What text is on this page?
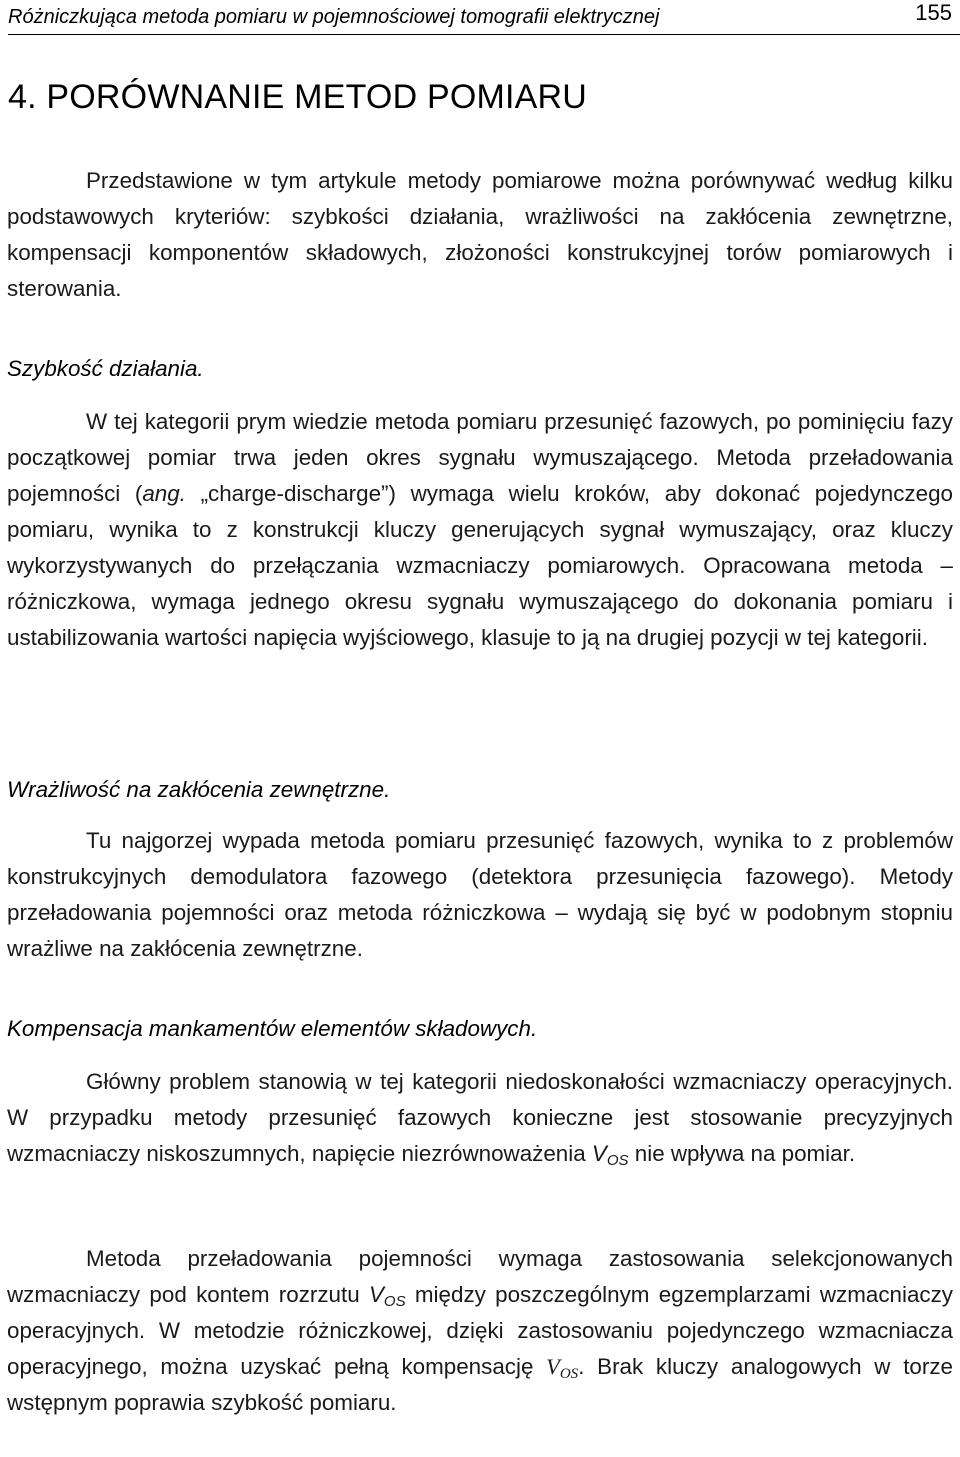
Różniczkująca metoda pomiaru w pojemnościowej tomografii elektrycznej	155
4. PORÓWNANIE METOD POMIARU

Przedstawione w tym artykule metody pomiarowe można porównywać według kilku podstawowych kryteriów: szybkości działania, wrażliwości na zakłócenia zewnętrzne, kompensacji komponentów składowych, złożoności konstrukcyjnej torów pomiarowych i sterowania.

Szybkość działania.

W tej kategorii prym wiedzie metoda pomiaru przesunięć fazowych, po pominięciu fazy początkowej pomiar trwa jeden okres sygnału wymuszającego. Metoda przeładowania pojemności (ang. „charge-discharge”) wymaga wielu kroków, aby dokonać pojedynczego pomiaru, wynika to z konstrukcji kluczy generujących sygnał wymuszający, oraz kluczy wykorzystywanych do przełączania wzmacniaczy pomiarowych. Opracowana metoda – różniczkowa, wymaga jednego okresu sygnału wymuszającego do dokonania pomiaru i ustabilizowania wartości napięcia wyjściowego, klasuje to ją na drugiej pozycji w tej kategorii.

Wrażliwość na zakłócenia zewnętrzne.

Tu najgorzej wypada metoda pomiaru przesunięć fazowych, wynika to z problemów konstrukcyjnych demodulatora fazowego (detektora przesunięcia fazowego). Metody przeładowania pojemności oraz metoda różniczkowa – wydają się być w podobnym stopniu wrażliwe na zakłócenia zewnętrzne.

Kompensacja mankamentów elementów składowych.

Główny problem stanowią w tej kategorii niedoskonałości wzmacniaczy operacyjnych. W przypadku metody przesunięć fazowych konieczne jest stosowanie precyzyjnych wzmacniaczy niskoszumnych, napięcie niezrównoważenia $V_{OS}$ nie wpływa na pomiar.

Metoda przeładowania pojemności wymaga zastosowania selekcjonowanych wzmacniaczy pod kontem rozrzutu $V_{OS}$ między poszczególnym egzemplarzami wzmacniaczy operacyjnych. W metodzie różniczkowej, dzięki zastosowaniu pojedynczego wzmacniacza operacyjnego, można uzyskać pełną kompensację $V_{OS}$. Brak kluczy analogowych w torze wstępnym poprawia szybkość pomiaru.
